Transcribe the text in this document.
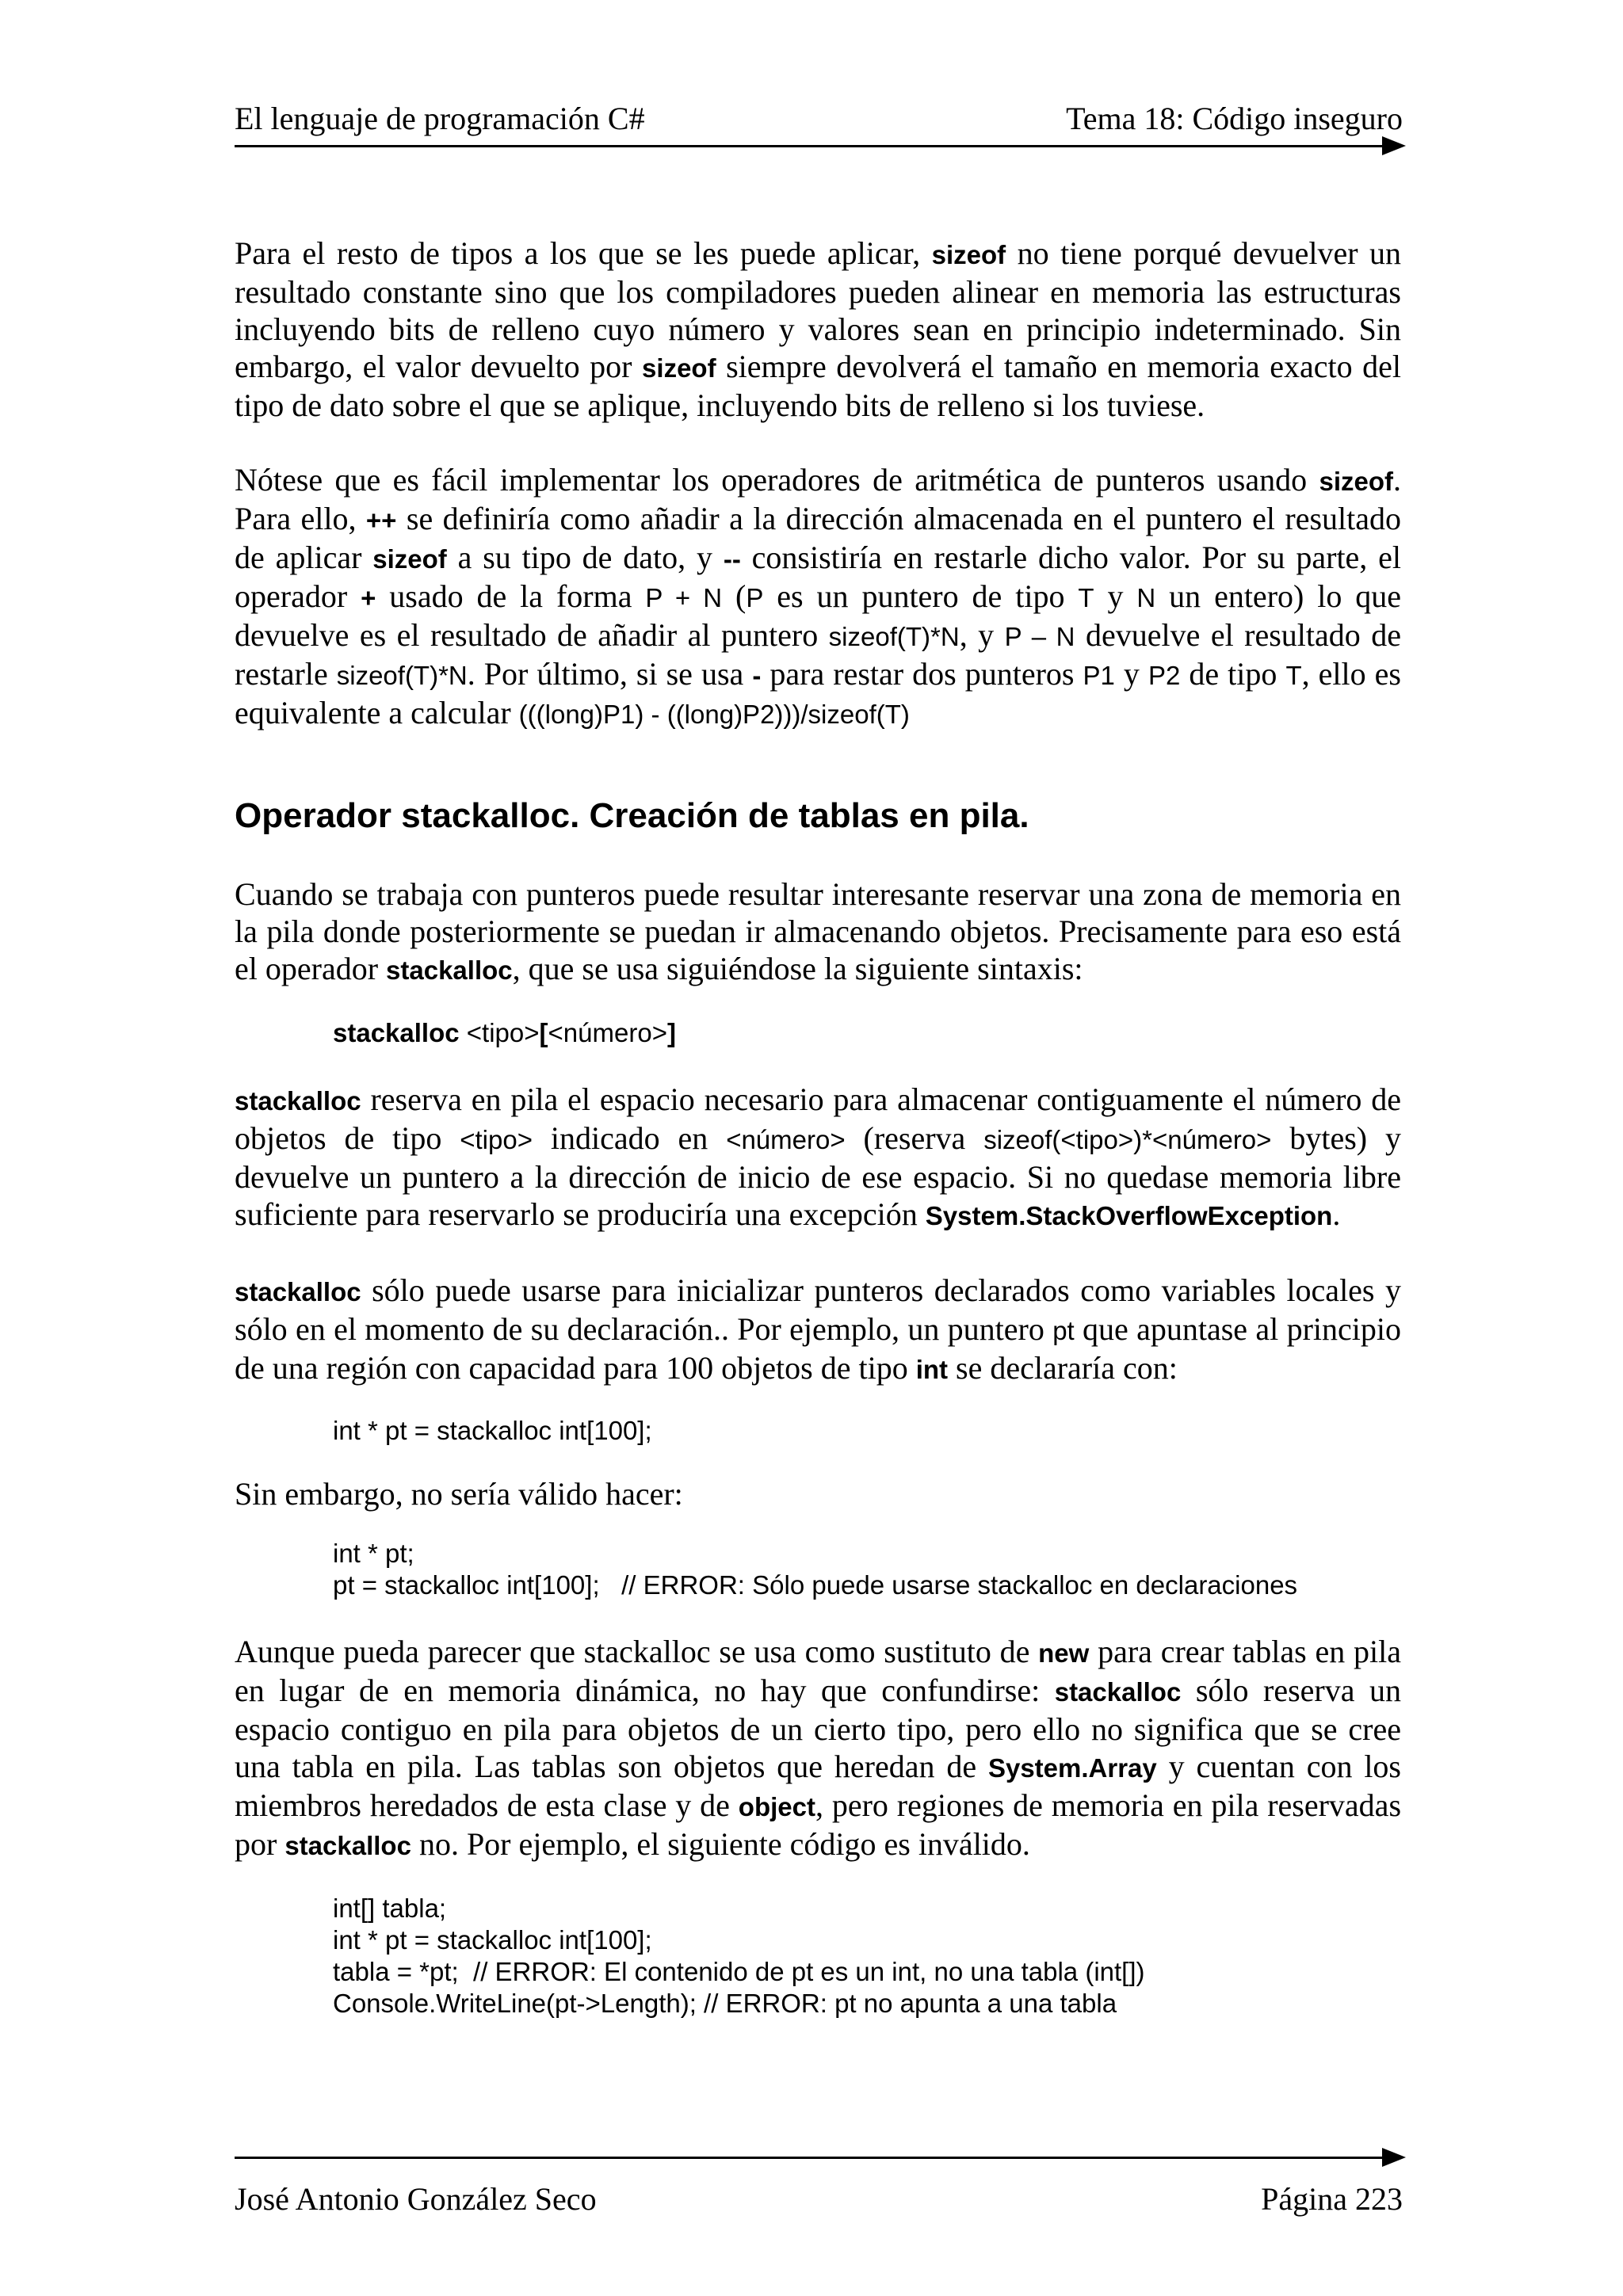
El lenguaje de programación C#	Tema 18: Código inseguro

Para el resto de tipos a los que se les puede aplicar, sizeof no tiene porqué devuelver un resultado constante sino que los compiladores pueden alinear en memoria las estructuras incluyendo bits de relleno cuyo número y valores sean en principio indeterminado. Sin embargo, el valor devuelto por sizeof siempre devolverá el tamaño en memoria exacto del tipo de dato sobre el que se aplique, incluyendo bits de relleno si los tuviese.

Nótese que es fácil implementar los operadores de aritmética de punteros usando sizeof. Para ello, ++ se definiría como añadir a la dirección almacenada en el puntero el resultado de aplicar sizeof a su tipo de dato, y -- consistiría en restarle dicho valor. Por su parte, el operador + usado de la forma P + N (P es un puntero de tipo T y N un entero) lo que devuelve es el resultado de añadir al puntero sizeof(T)*N, y P – N devuelve el resultado de restarle sizeof(T)*N. Por último, si se usa - para restar dos punteros P1 y P2 de tipo T, ello es equivalente a calcular (((long)P1) - ((long)P2)))/sizeof(T)

Operador stackalloc. Creación de tablas en pila.

Cuando se trabaja con punteros puede resultar interesante reservar una zona de memoria en la pila donde posteriormente se puedan ir almacenando objetos. Precisamente para eso está el operador stackalloc, que se usa siguiéndose la siguiente sintaxis:

stackalloc <tipo>[<número>]

stackalloc reserva en pila el espacio necesario para almacenar contiguamente el número de objetos de tipo <tipo> indicado en <número> (reserva sizeof(<tipo>)*<número> bytes) y devuelve un puntero a la dirección de inicio de ese espacio. Si no quedase memoria libre suficiente para reservarlo se produciría una excepción System.StackOverflowException.

stackalloc sólo puede usarse para inicializar punteros declarados como variables locales y sólo en el momento de su declaración.. Por ejemplo, un puntero pt que apuntase al principio de una región con capacidad para 100 objetos de tipo int se declararía con:

int * pt = stackalloc int[100];

Sin embargo, no sería válido hacer:

int * pt;
pt = stackalloc int[100];   // ERROR: Sólo puede usarse stackalloc en declaraciones

Aunque pueda parecer que stackalloc se usa como sustituto de new para crear tablas en pila en lugar de en memoria dinámica, no hay que confundirse: stackalloc sólo reserva un espacio contiguo en pila para objetos de un cierto tipo, pero ello no significa que se cree una tabla en pila. Las tablas son objetos que heredan de System.Array y cuentan con los miembros heredados de esta clase y de object, pero regiones de memoria en pila reservadas por stackalloc no. Por ejemplo, el siguiente código es inválido.

int[] tabla;
int * pt = stackalloc int[100];
tabla = *pt;  // ERROR: El contenido de pt es un int, no una tabla (int[])
Console.WriteLine(pt->Length); // ERROR: pt no apunta a una tabla
José Antonio González Seco	Página 223
